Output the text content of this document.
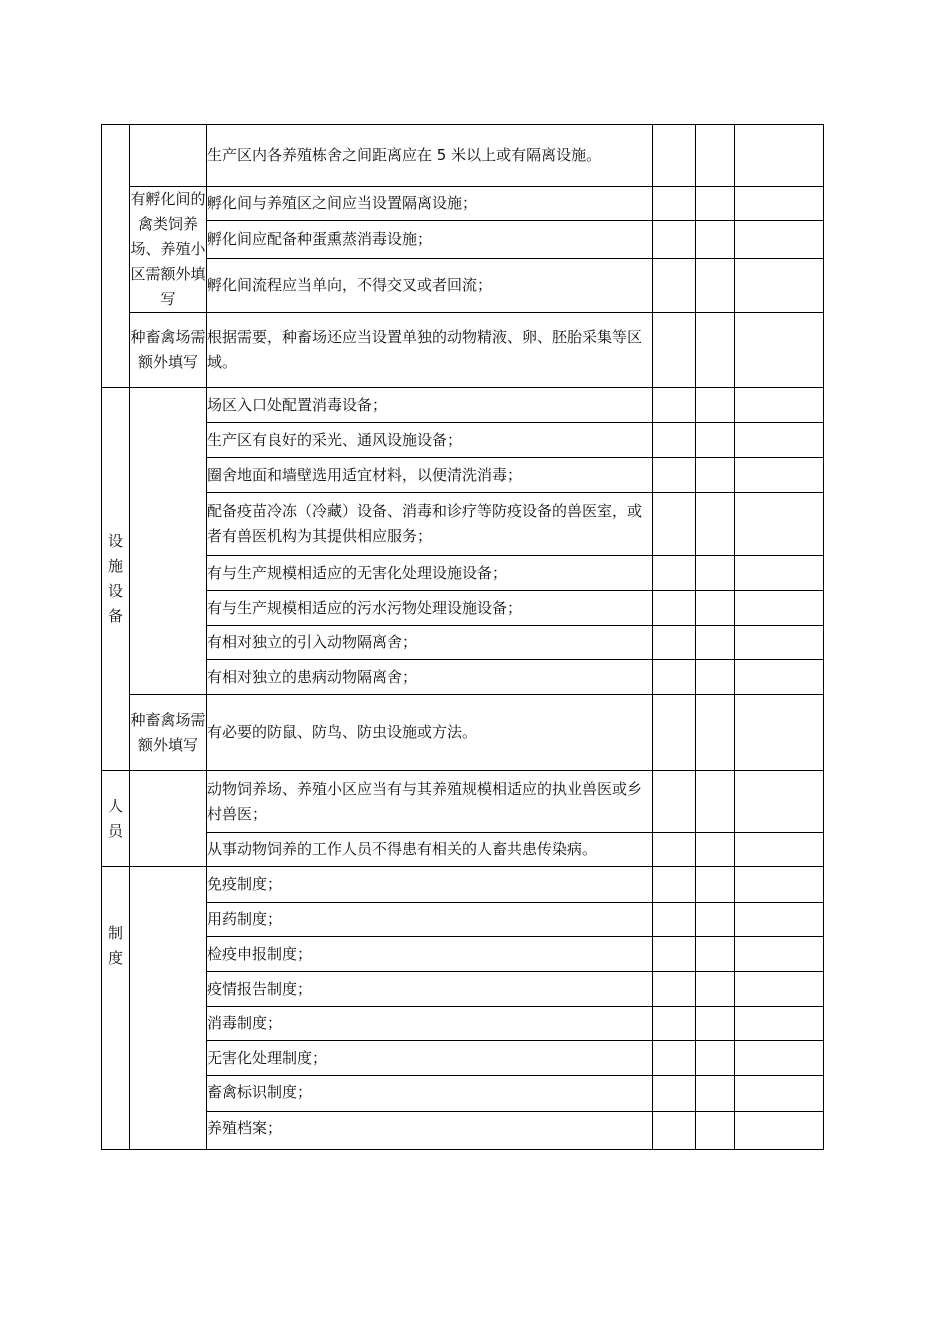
		生产区内各养殖栋舍之间距离应在 5 米以上或有隔离设施。			
	有孵化间的禽类饲养场、养殖小区需额外填写	孵化间与养殖区之间应当设置隔离设施；			
		孵化间应配备种蛋熏蒸消毒设施；			
		孵化间流程应当单向，不得交叉或者回流；			
	种畜禽场需额外填写	根据需要，种畜场还应当设置单独的动物精液、卵、胚胎采集等区域。			
设施设备		场区入口处配置消毒设备；			
		生产区有良好的采光、通风设施设备；			
		圈舍地面和墙壁选用适宜材料，以便清洗消毒；			
		配备疫苗冷冻（冷藏）设备、消毒和诊疗等防疫设备的兽医室，或者有兽医机构为其提供相应服务；			
		有与生产规模相适应的无害化处理设施设备；			
		有与生产规模相适应的污水污物处理设施设备；			
		有相对独立的引入动物隔离舍；			
		有相对独立的患病动物隔离舍；			
	种畜禽场需额外填写	有必要的防鼠、防鸟、防虫设施或方法。			
人员		动物饲养场、养殖小区应当有与其养殖规模相适应的执业兽医或乡村兽医；			
		从事动物饲养的工作人员不得患有相关的人畜共患传染病。			
制度		免疫制度；			
		用药制度；			
		检疫申报制度；			
		疫情报告制度；			
		消毒制度；			
		无害化处理制度；			
		畜禽标识制度；			
		养殖档案；			
